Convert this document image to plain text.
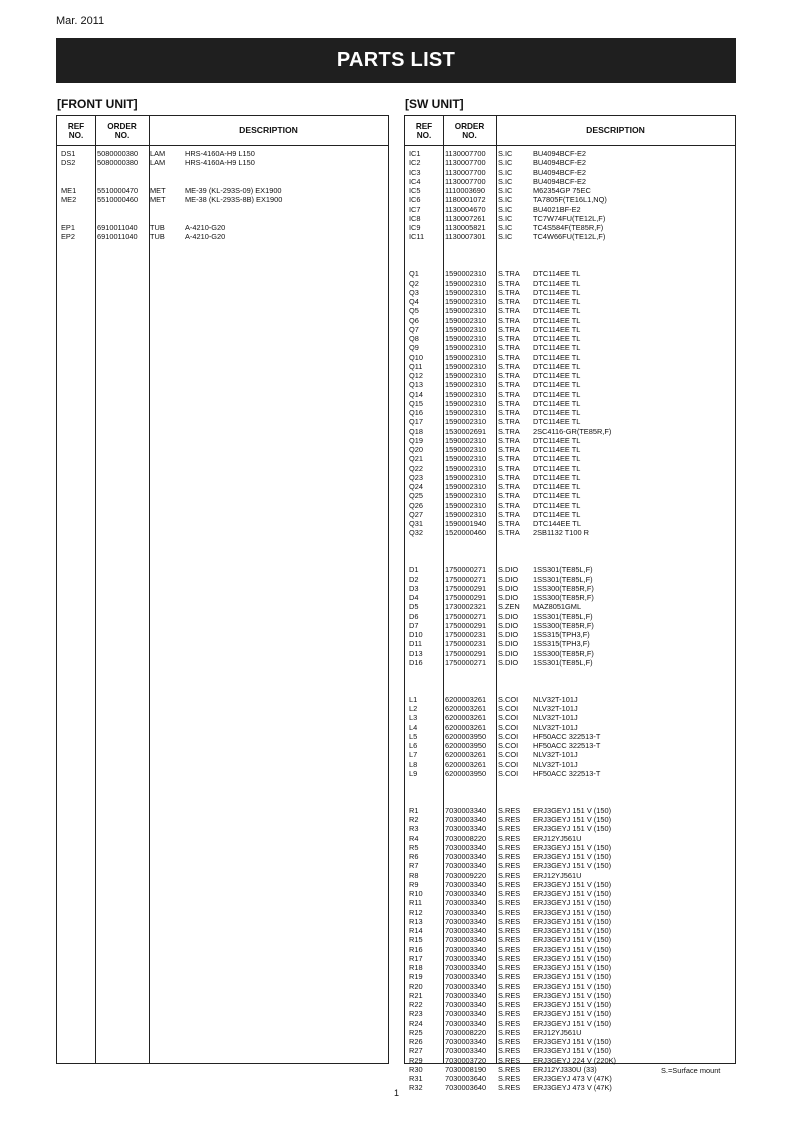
Mar. 2011
PARTS LIST
[FRONT UNIT]	[SW UNIT]
REF
NO.
ORDER
NO.	DESCRIPTION
DS1	5080000380 LAM	HRS-4160A-H9 L150
DS2	5080000380 LAM	HRS-4160A-H9 L150
ME1	5510000470 MET	ME-39 (KL-293S-09) EX1900
ME2	5510000460 MET	ME-38 (KL-293S-8B) EX1900
EP1	6910011040 TUB	A-4210-G20
EP2	6910011040 TUB	A-4210-G20
REF
NO.
ORDER
NO.	DESCRIPTION
IC1	1130007700 S.IC	BU4094BCF-E2
IC2	1130007700 S.IC	BU4094BCF-E2
IC3	1130007700 S.IC	BU4094BCF-E2
IC4	1130007700 S.IC	BU4094BCF-E2
IC5	1110003690 S.IC	M62354GP 75EC
IC6	1180001072 S.IC	TA7805F(TE16L1,NQ)
IC7	1130004670 S.IC	BU4021BF-E2
IC8	1130007261 S.IC	TC7W74FU(TE12L,F)
IC9	1130005821 S.IC	TC4S584F(TE85R,F)
IC11	1130007301 S.IC	TC4W66FU(TE12L,F)
Q1	1590002310 S.TRA DTC114EE TL
Q2	1590002310 S.TRA DTC114EE TL
Q3	1590002310 S.TRA DTC114EE TL
Q4	1590002310 S.TRA DTC114EE TL
Q5	1590002310 S.TRA DTC114EE TL
Q6	1590002310 S.TRA DTC114EE TL
Q7	1590002310 S.TRA DTC114EE TL
Q8	1590002310 S.TRA DTC114EE TL
Q9	1590002310 S.TRA DTC114EE TL
Q10	1590002310 S.TRA DTC114EE TL
Q11	1590002310 S.TRA DTC114EE TL
Q12	1590002310 S.TRA DTC114EE TL
Q13	1590002310 S.TRA DTC114EE TL
Q14	1590002310 S.TRA DTC114EE TL
Q15	1590002310 S.TRA DTC114EE TL
Q16	1590002310 S.TRA DTC114EE TL
Q17	1590002310 S.TRA DTC114EE TL
Q18	1530002691 S.TRA 2SC4116-GR(TE85R,F)
Q19	1590002310 S.TRA DTC114EE TL
Q20	1590002310 S.TRA DTC114EE TL
Q21	1590002310 S.TRA DTC114EE TL
Q22	1590002310 S.TRA DTC114EE TL
Q23	1590002310 S.TRA DTC114EE TL
Q24	1590002310 S.TRA DTC114EE TL
Q25	1590002310 S.TRA DTC114EE TL
Q26	1590002310 S.TRA DTC114EE TL
Q27	1590002310 S.TRA DTC114EE TL
Q31	1590001940 S.TRA DTC144EE TL
Q32	1520000460 S.TRA 2SB1132 T100 R
D1	1750000271 S.DIO 1SS301(TE85L,F)
D2	1750000271 S.DIO 1SS301(TE85L,F)
D3	1750000291 S.DIO 1SS300(TE85R,F)
D4	1750000291 S.DIO 1SS300(TE85R,F)
D5	1730002321 S.ZEN MAZ8051GML
D6	1750000271 S.DIO 1SS301(TE85L,F)
D7	1750000291 S.DIO 1SS300(TE85R,F)
D10	1750000231 S.DIO 1SS315(TPH3,F)
D11	1750000231 S.DIO 1SS315(TPH3,F)
D13	1750000291 S.DIO 1SS300(TE85R,F)
D16	1750000271 S.DIO 1SS301(TE85L,F)
L1	6200003261 S.COI NLV32T-101J
L2	6200003261 S.COI NLV32T-101J
L3	6200003261 S.COI NLV32T-101J
L4	6200003261 S.COI NLV32T-101J
L5	6200003950 S.COI HF50ACC 322513-T
L6	6200003950 S.COI HF50ACC 322513-T
L7	6200003261 S.COI NLV32T-101J
L8	6200003261 S.COI NLV32T-101J
L9	6200003950 S.COI HF50ACC 322513-T
R1	7030003340 S.RES ERJ3GEYJ 151 V (150)
R2	7030003340 S.RES ERJ3GEYJ 151 V (150)
R3	7030003340 S.RES ERJ3GEYJ 151 V (150)
R4	7030008220 S.RES ERJ12YJ561U
R5	7030003340 S.RES ERJ3GEYJ 151 V (150)
R6	7030003340 S.RES ERJ3GEYJ 151 V (150)
R7	7030003340 S.RES ERJ3GEYJ 151 V (150)
R8	7030009220 S.RES ERJ12YJ561U
R9	7030003340 S.RES ERJ3GEYJ 151 V (150)
R10	7030003340 S.RES ERJ3GEYJ 151 V (150)
R11	7030003340 S.RES ERJ3GEYJ 151 V (150)
R12	7030003340 S.RES ERJ3GEYJ 151 V (150)
R13	7030003340 S.RES ERJ3GEYJ 151 V (150)
R14	7030003340 S.RES ERJ3GEYJ 151 V (150)
R15	7030003340 S.RES ERJ3GEYJ 151 V (150)
R16	7030003340 S.RES ERJ3GEYJ 151 V (150)
R17	7030003340 S.RES ERJ3GEYJ 151 V (150)
R18	7030003340 S.RES ERJ3GEYJ 151 V (150)
R19	7030003340 S.RES ERJ3GEYJ 151 V (150)
R20	7030003340 S.RES ERJ3GEYJ 151 V (150)
R21	7030003340 S.RES ERJ3GEYJ 151 V (150)
R22	7030003340 S.RES ERJ3GEYJ 151 V (150)
R23	7030003340 S.RES ERJ3GEYJ 151 V (150)
R24	7030003340 S.RES ERJ3GEYJ 151 V (150)
R25	7030008220 S.RES ERJ12YJ561U
R26	7030003340 S.RES ERJ3GEYJ 151 V (150)
R27	7030003340 S.RES ERJ3GEYJ 151 V (150)
R29	7030003720 S.RES ERJ3GEYJ 224 V (220K)
R30	7030008190 S.RES ERJ12YJ330U (33)
R31	7030003640 S.RES ERJ3GEYJ 473 V (47K)
R32	7030003640 S.RES ERJ3GEYJ 473 V (47K)
S.=Surface mount
1
